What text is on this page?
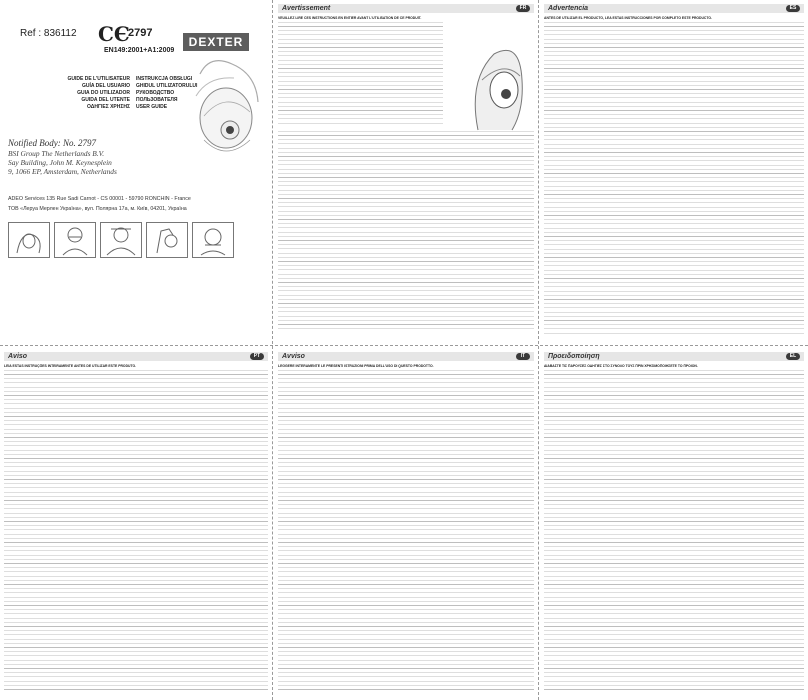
Ref : 836112 C Є 2797
EN149:2001+A1:2009
DEXTER
GUIDE DE L'UTILISATEUR
GUÍA DEL USUARIO
GUIA DO UTILIZADOR
GUIDA DEL UTENTE
ΟΔΗΓΙΕΣ ΧΡΗΣΗΣ
INSTRUKCJA OBSŁUGI
GHIDUL UTILIZATORULUI
РУКОВОДСТВО ПОЛЬЗОВАТЕЛЯ
USER GUIDE
Notified Body: No. 2797
BSI Group The Netherlands B.V.
Say Building, John M. Keynesplein
9, 1066 EP, Amsterdam, Netherlands
ADEO Services 135 Rue Sadi Carnot - CS 00001 - 59790 RONCHIN - France
ТОВ «Леруа Мерлен Україна», вул. Полярна 17а, м. Київ, 04201, Україна
Avertissement	FR

VEUILLEZ LIRE CES INSTRUCTIONS EN ENTIER AVANT L'UTILISATION DE CE PRODUIT.

Advertencia	ES

ANTES DE UTILIZAR EL PRODUCTO, LEA ESTAS INSTRUCCIONES POR COMPLETO ESTE PRODUCTO.

Aviso	PT

LEIA ESTAS INSTRUÇÕES INTEIRAMENTE ANTES DE UTILIZAR ESTE PRODUTO.

Avviso	IT

LEGGERE INTERAMENTE LE PRESENTI ISTRUZIONI PRIMA DELL'USO DI QUESTO PRODOTTO.

Προειδοποίηση	EL

ΔΙΑΒΑΣΤΕ ΤΙΣ ΠΑΡΟΥΣΕΣ ΟΔΗΓΙΕΣ ΣΤΟ ΣΥΝΟΛΟ ΤΟΥΣ ΠΡΙΝ ΧΡΗΣΙΜΟΠΟΙΗΣΕΤΕ ΤΟ ΠΡΟΙΟΝ.
